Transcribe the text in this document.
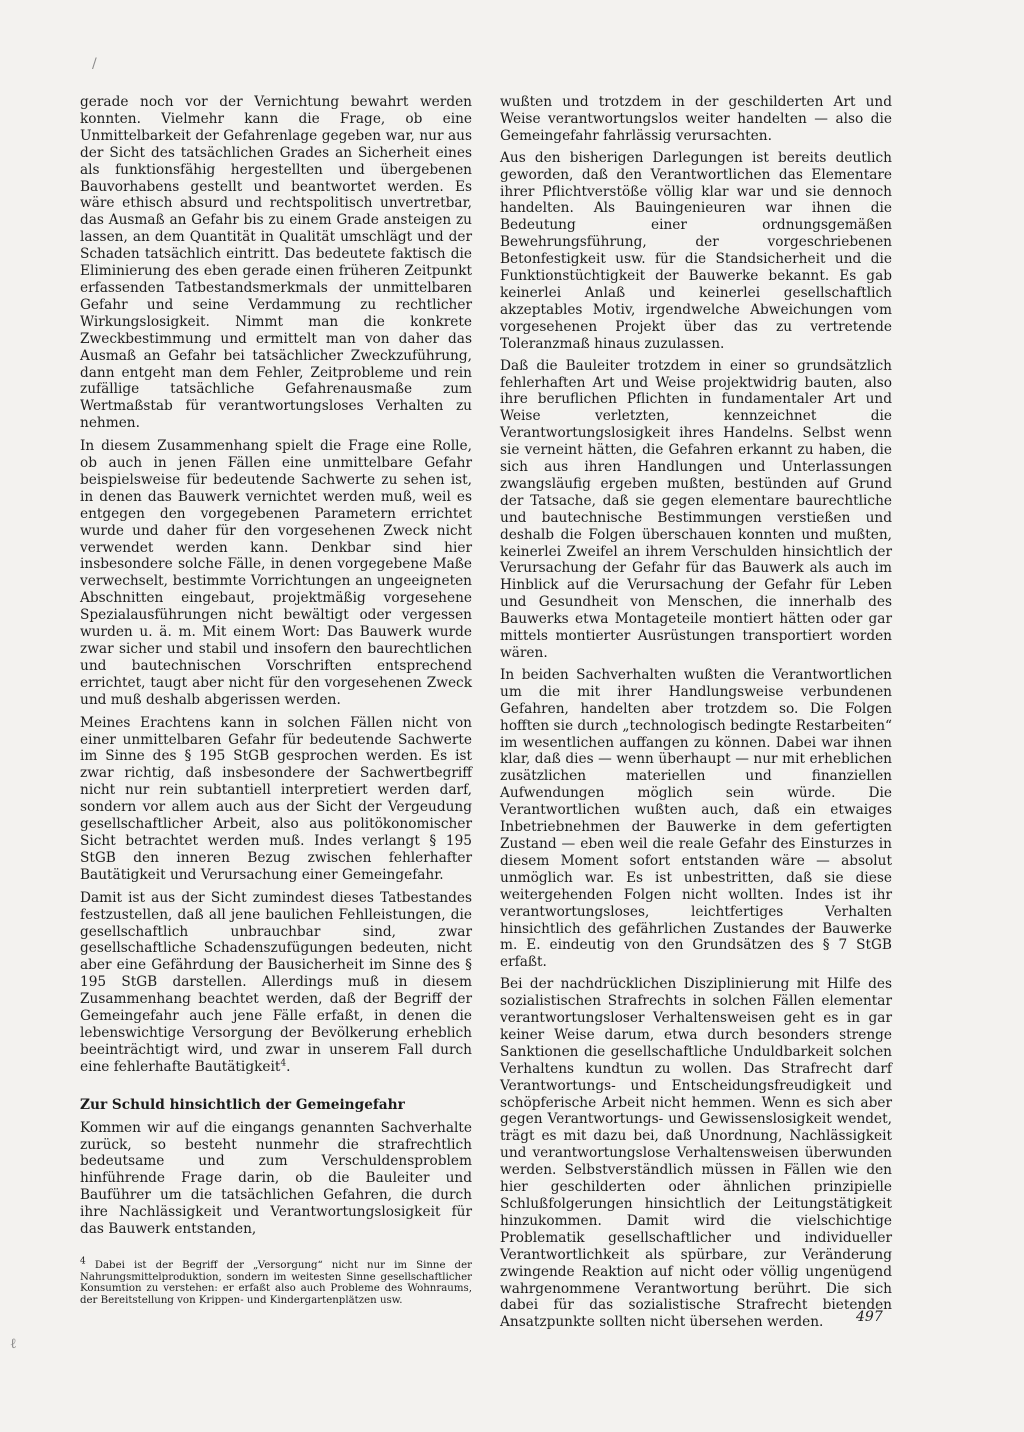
/
ℓ

gerade noch vor der Vernichtung bewahrt werden konnten. Vielmehr kann die Frage, ob eine Unmittelbarkeit der Gefahrenlage gegeben war, nur aus der Sicht des tatsächlichen Grades an Sicherheit eines als funktionsfähig hergestellten und übergebenen Bauvorhabens gestellt und beantwortet werden. Es wäre ethisch absurd und rechtspolitisch unvertretbar, das Ausmaß an Gefahr bis zu einem Grade ansteigen zu lassen, an dem Quantität in Qualität umschlägt und der Schaden tatsächlich eintritt. Das bedeutete faktisch die Eliminierung des eben gerade einen früheren Zeitpunkt erfassenden Tatbestandsmerkmals der unmittelbaren Gefahr und seine Verdammung zu rechtlicher Wirkungslosigkeit. Nimmt man die konkrete Zweckbestimmung und ermittelt man von daher das Ausmaß an Gefahr bei tatsächlicher Zweckzuführung, dann entgeht man dem Fehler, Zeitprobleme und rein zufällige tatsächliche Gefahrenausmaße zum Wertmaßstab für verantwortungsloses Verhalten zu nehmen.

In diesem Zusammenhang spielt die Frage eine Rolle, ob auch in jenen Fällen eine unmittelbare Gefahr beispielsweise für bedeutende Sachwerte zu sehen ist, in denen das Bauwerk vernichtet werden muß, weil es entgegen den vorgegebenen Parametern errichtet wurde und daher für den vorgesehenen Zweck nicht verwendet werden kann. Denkbar sind hier insbesondere solche Fälle, in denen vorgegebene Maße verwechselt, bestimmte Vorrichtungen an ungeeigneten Abschnitten eingebaut, projektmäßig vorgesehene Spezialausführungen nicht bewältigt oder vergessen wurden u. ä. m. Mit einem Wort: Das Bauwerk wurde zwar sicher und stabil und insofern den baurechtlichen und bautechnischen Vorschriften entsprechend errichtet, taugt aber nicht für den vorgesehenen Zweck und muß deshalb abgerissen werden.

Meines Erachtens kann in solchen Fällen nicht von einer unmittelbaren Gefahr für bedeutende Sachwerte im Sinne des § 195 StGB gesprochen werden. Es ist zwar richtig, daß insbesondere der Sachwertbegriff nicht nur rein subtantiell interpretiert werden darf, sondern vor allem auch aus der Sicht der Vergeudung gesellschaftlicher Arbeit, also aus politökonomischer Sicht betrachtet werden muß. Indes verlangt § 195 StGB den inneren Bezug zwischen fehlerhafter Bautätigkeit und Verursachung einer Gemeingefahr.

Damit ist aus der Sicht zumindest dieses Tatbestandes festzustellen, daß all jene baulichen Fehlleistungen, die gesellschaftlich unbrauchbar sind, zwar gesellschaftliche Schadenszufügungen bedeuten, nicht aber eine Gefährdung der Bausicherheit im Sinne des § 195 StGB darstellen. Allerdings muß in diesem Zusammenhang beachtet werden, daß der Begriff der Gemeingefahr auch jene Fälle erfaßt, in denen die lebenswichtige Versorgung der Bevölkerung erheblich beeinträchtigt wird, und zwar in unserem Fall durch eine fehlerhafte Bautätigkeit$^4$.

Zur Schuld hinsichtlich der Gemeingefahr

Kommen wir auf die eingangs genannten Sachverhalte zurück, so besteht nunmehr die strafrechtlich bedeutsame und zum Verschuldensproblem hinführende Frage darin, ob die Bauleiter und Bauführer um die tatsächlichen Gefahren, die durch ihre Nachlässigkeit und Verantwortungslosigkeit für das Bauwerk entstanden,

4 Dabei ist der Begriff der „Versorgung“ nicht nur im Sinne der Nahrungsmittelproduktion, sondern im weitesten Sinne gesellschaftlicher Konsumtion zu verstehen: er erfaßt also auch Probleme des Wohnraums, der Bereitstellung von Krippen- und Kindergartenplätzen usw.

wußten und trotzdem in der geschilderten Art und Weise verantwortungslos weiter handelten — also die Gemeingefahr fahrlässig verursachten.

Aus den bisherigen Darlegungen ist bereits deutlich geworden, daß den Verantwortlichen das Elementare ihrer Pflichtverstöße völlig klar war und sie dennoch handelten. Als Bauingenieuren war ihnen die Bedeutung einer ordnungsgemäßen Bewehrungsführung, der vorgeschriebenen Betonfestigkeit usw. für die Standsicherheit und die Funktionstüchtigkeit der Bauwerke bekannt. Es gab keinerlei Anlaß und keinerlei gesellschaftlich akzeptables Motiv, irgendwelche Abweichungen vom vorgesehenen Projekt über das zu vertretende Toleranzmaß hinaus zuzulassen.

Daß die Bauleiter trotzdem in einer so grundsätzlich fehlerhaften Art und Weise projektwidrig bauten, also ihre beruflichen Pflichten in fundamentaler Art und Weise verletzten, kennzeichnet die Verantwortungslosigkeit ihres Handelns. Selbst wenn sie verneint hätten, die Gefahren erkannt zu haben, die sich aus ihren Handlungen und Unterlassungen zwangsläufig ergeben mußten, bestünden auf Grund der Tatsache, daß sie gegen elementare baurechtliche und bautechnische Bestimmungen verstießen und deshalb die Folgen überschauen konnten und mußten, keinerlei Zweifel an ihrem Verschulden hinsichtlich der Verursachung der Gefahr für das Bauwerk als auch im Hinblick auf die Verursachung der Gefahr für Leben und Gesundheit von Menschen, die innerhalb des Bauwerks etwa Montageteile montiert hätten oder gar mittels montierter Ausrüstungen transportiert worden wären.

In beiden Sachverhalten wußten die Verantwortlichen um die mit ihrer Handlungsweise verbundenen Gefahren, handelten aber trotzdem so. Die Folgen hofften sie durch „technologisch bedingte Restarbeiten“ im wesentlichen auffangen zu können. Dabei war ihnen klar, daß dies — wenn überhaupt — nur mit erheblichen zusätzlichen materiellen und finanziellen Aufwendungen möglich sein würde. Die Verantwortlichen wußten auch, daß ein etwaiges Inbetriebnehmen der Bauwerke in dem gefertigten Zustand — eben weil die reale Gefahr des Einsturzes in diesem Moment sofort entstanden wäre — absolut unmöglich war. Es ist unbestritten, daß sie diese weitergehenden Folgen nicht wollten. Indes ist ihr verantwortungsloses, leichtfertiges Verhalten hinsichtlich des gefährlichen Zustandes der Bauwerke m. E. eindeutig von den Grundsätzen des § 7 StGB erfaßt.

Bei der nachdrücklichen Disziplinierung mit Hilfe des sozialistischen Strafrechts in solchen Fällen elementar verantwortungsloser Verhaltensweisen geht es in gar keiner Weise darum, etwa durch besonders strenge Sanktionen die gesellschaftliche Unduldbarkeit solchen Verhaltens kundtun zu wollen. Das Strafrecht darf Verantwortungs- und Entscheidungsfreudigkeit und schöpferische Arbeit nicht hemmen. Wenn es sich aber gegen Verantwortungs- und Gewissenslosigkeit wendet, trägt es mit dazu bei, daß Unordnung, Nachlässigkeit und verantwortungslose Verhaltensweisen überwunden werden. Selbstverständlich müssen in Fällen wie den hier geschilderten oder ähnlichen prinzipielle Schlußfolgerungen hinsichtlich der Leitungstätigkeit hinzukommen. Damit wird die vielschichtige Problematik gesellschaftlicher und individueller Verantwortlichkeit als spürbare, zur Veränderung zwingende Reaktion auf nicht oder völlig ungenügend wahrgenommene Verantwortung berührt. Die sich dabei für das sozialistische Strafrecht bietenden Ansatzpunkte sollten nicht übersehen werden.	497
